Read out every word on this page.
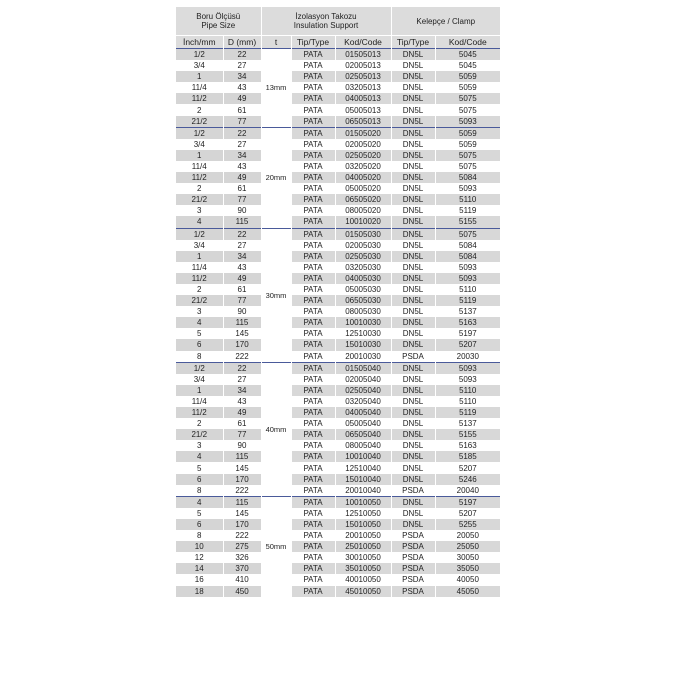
Boru Ölçüsü
Pipe Size		İzolasyon Takozu
Insulation Support			Kelepçe / Clamp	

İnch/mm	D (mm)	t	Tip/Type	Kod/Code	Tip/Type	Kod/Code
1/2	22	13mm	PATA	01505013	DN5L	5045
3/4	27		PATA	02005013	DN5L	5045
1	34		PATA	02505013	DN5L	5059
11/4	43		PATA	03205013	DN5L	5059
11/2	49		PATA	04005013	DN5L	5075
2	61		PATA	05005013	DN5L	5075
21/2	77		PATA	06505013	DN5L	5093
1/2	22	20mm	PATA	01505020	DN5L	5059
3/4	27		PATA	02005020	DN5L	5059
1	34		PATA	02505020	DN5L	5075
11/4	43		PATA	03205020	DN5L	5075
11/2	49		PATA	04005020	DN5L	5084
2	61		PATA	05005020	DN5L	5093
21/2	77		PATA	06505020	DN5L	5110
3	90		PATA	08005020	DN5L	5119
4	115		PATA	10010020	DN5L	5155
1/2	22	30mm	PATA	01505030	DN5L	5075
3/4	27		PATA	02005030	DN5L	5084
1	34		PATA	02505030	DN5L	5084
11/4	43		PATA	03205030	DN5L	5093
11/2	49		PATA	04005030	DN5L	5093
2	61		PATA	05005030	DN5L	5110
21/2	77		PATA	06505030	DN5L	5119
3	90		PATA	08005030	DN5L	5137
4	115		PATA	10010030	DN5L	5163
5	145		PATA	12510030	DN5L	5197
6	170		PATA	15010030	DN5L	5207
8	222		PATA	20010030	PSDA	20030
1/2	22	40mm	PATA	01505040	DN5L	5093
3/4	27		PATA	02005040	DN5L	5093
1	34		PATA	02505040	DN5L	5110
11/4	43		PATA	03205040	DN5L	5110
11/2	49		PATA	04005040	DN5L	5119
2	61		PATA	05005040	DN5L	5137
21/2	77		PATA	06505040	DN5L	5155
3	90		PATA	08005040	DN5L	5163
4	115		PATA	10010040	DN5L	5185
5	145		PATA	12510040	DN5L	5207
6	170		PATA	15010040	DN5L	5246
8	222		PATA	20010040	PSDA	20040
4	115	50mm	PATA	10010050	DN5L	5197
5	145		PATA	12510050	DN5L	5207
6	170		PATA	15010050	DN5L	5255
8	222		PATA	20010050	PSDA	20050
10	275		PATA	25010050	PSDA	25050
12	326		PATA	30010050	PSDA	30050
14	370		PATA	35010050	PSDA	35050
16	410		PATA	40010050	PSDA	40050
18	450		PATA	45010050	PSDA	45050
